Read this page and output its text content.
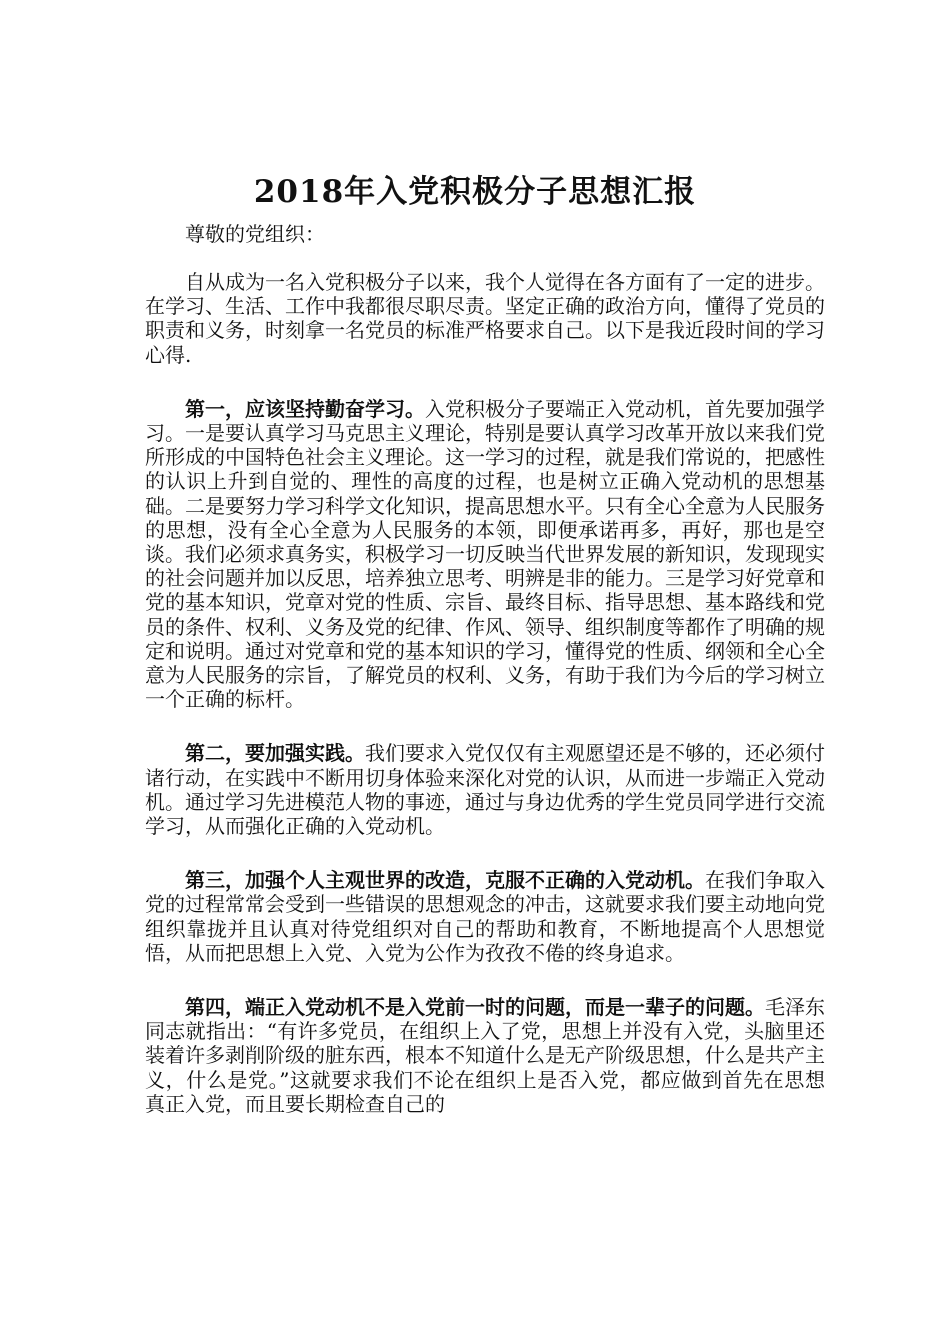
2018年入党积极分子思想汇报

尊敬的党组织：

自从成为一名入党积极分子以来，我个人觉得在各方面有了一定的进步。在学习、生活、工作中我都很尽职尽责。坚定正确的政治方向，懂得了党员的职责和义务，时刻拿一名党员的标准严格要求自己。以下是我近段时间的学习心得.

第一，应该坚持勤奋学习。入党积极分子要端正入党动机，首先要加强学习。一是要认真学习马克思主义理论，特别是要认真学习改革开放以来我们党所形成的中国特色社会主义理论。这一学习的过程，就是我们常说的，把感性的认识上升到自觉的、理性的高度的过程，也是树立正确入党动机的思想基础。二是要努力学习科学文化知识，提高思想水平。只有全心全意为人民服务的思想，没有全心全意为人民服务的本领，即便承诺再多，再好，那也是空谈。我们必须求真务实，积极学习一切反映当代世界发展的新知识，发现现实的社会问题并加以反思，培养独立思考、明辨是非的能力。三是学习好党章和党的基本知识，党章对党的性质、宗旨、最终目标、指导思想、基本路线和党员的条件、权利、义务及党的纪律、作风、领导、组织制度等都作了明确的规定和说明。通过对党章和党的基本知识的学习，懂得党的性质、纲领和全心全意为人民服务的宗旨，了解党员的权利、义务，有助于我们为今后的学习树立一个正确的标杆。

第二，要加强实践。我们要求入党仅仅有主观愿望还是不够的，还必须付诸行动，在实践中不断用切身体验来深化对党的认识，从而进一步端正入党动机。通过学习先进模范人物的事迹，通过与身边优秀的学生党员同学进行交流学习，从而强化正确的入党动机。

第三，加强个人主观世界的改造，克服不正确的入党动机。在我们争取入党的过程常常会受到一些错误的思想观念的冲击，这就要求我们要主动地向党组织靠拢并且认真对待党组织对自己的帮助和教育，不断地提高个人思想觉悟，从而把思想上入党、入党为公作为孜孜不倦的终身追求。

第四，端正入党动机不是入党前一时的问题，而是一辈子的问题。毛泽东同志就指出：“有许多党员，在组织上入了党，思想上并没有入党，头脑里还装着许多剥削阶级的脏东西，根本不知道什么是无产阶级思想，什么是共产主义，什么是党。”这就要求我们不论在组织上是否入党，都应做到首先在思想真正入党，而且要长期检查自己的
